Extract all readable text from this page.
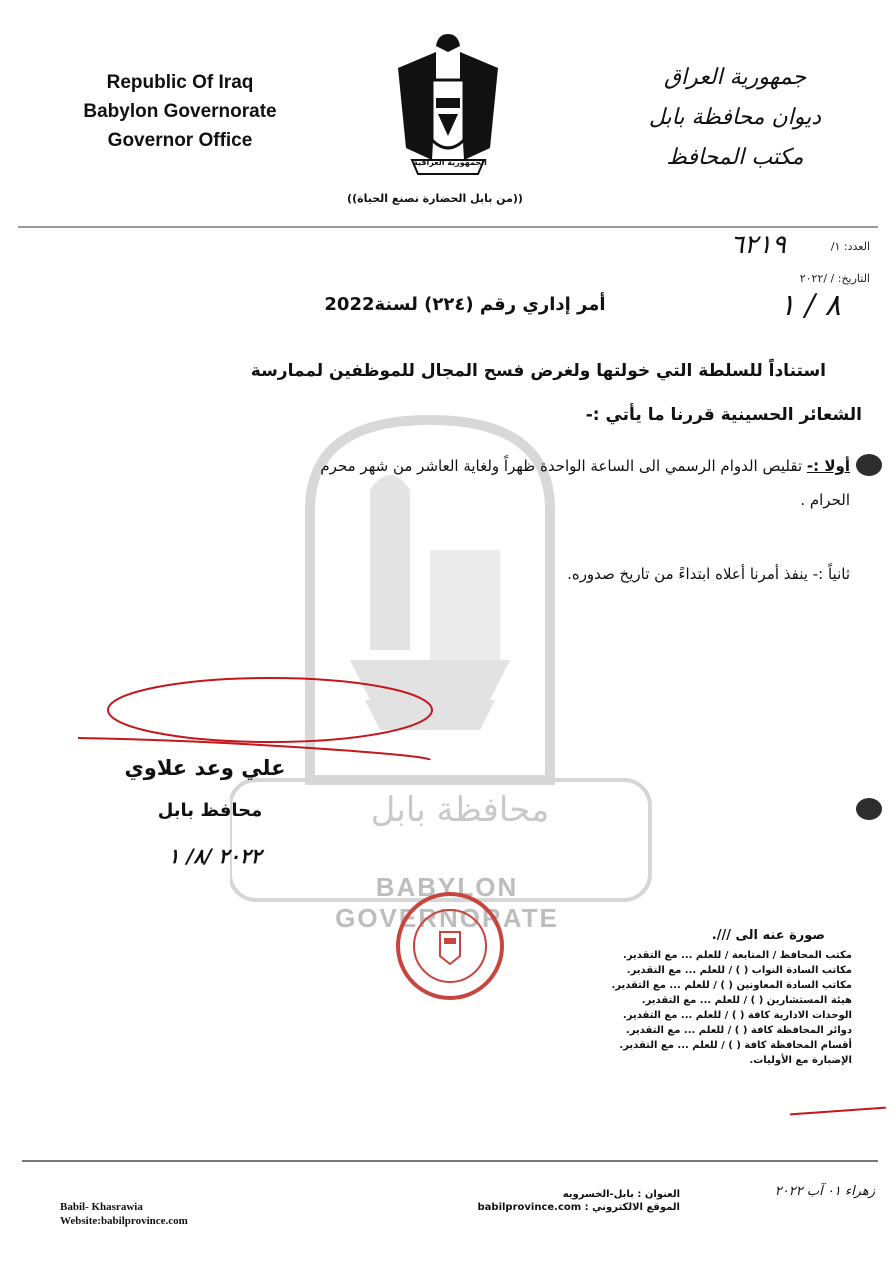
محافظة بابل
BABYLON GOVERNORATE
Republic Of Iraq
Babylon Governorate
Governor Office
الجمهورية العراقية
جمهورية العراق
ديوان محافظة بابل
مكتب المحافظ
((من بابل الحضارة نصنع الحياة))
العدد: ١/
٦٢١٩
التاريخ: / /٢٠٢٢
٨ / ١
أمر إداري رقم (٢٢٤) لسنة2022
استناداً للسلطة التي خولتها ولغرض فسح المجال للموظفين لممارسة
الشعائر الحسينية قررنا ما يأتي :-
أولا :- تقليص الدوام الرسمي الى الساعة الواحدة ظهراً ولغاية العاشر من شهر محرم
الحرام .
ثانياً :- ينفذ أمرنا أعلاه ابتداءً من تاريخ صدوره.
علي وعد علاوي
محافظ بابل
٢٠٢٢ /٨/ ١
صورة عنه الى ///.
مكتب المحافظ / المتابعة / للعلم ... مع التقدير.
مكاتب السادة النواب ( ) / للعلم ... مع التقدير.
مكاتب السادة المعاونين ( ) / للعلم ... مع التقدير.
هيئة المستشارين ( ) / للعلم ... مع التقدير.
الوحدات الادارية كافة ( ) / للعلم ... مع التقدير.
دوائر المحافظة كافة ( ) / للعلم ... مع التقدير.
أقسام المحافظة كافة ( ) / للعلم ... مع التقدير.
الإضبارة مع الأوليات.
Babil- Khasrawia
Website:babilprovince.com
العنوان : بابل-الخسرويه
الموقع الالكتروني : babilprovince.com
زهراء ٠١ آب ٢٠٢٢
